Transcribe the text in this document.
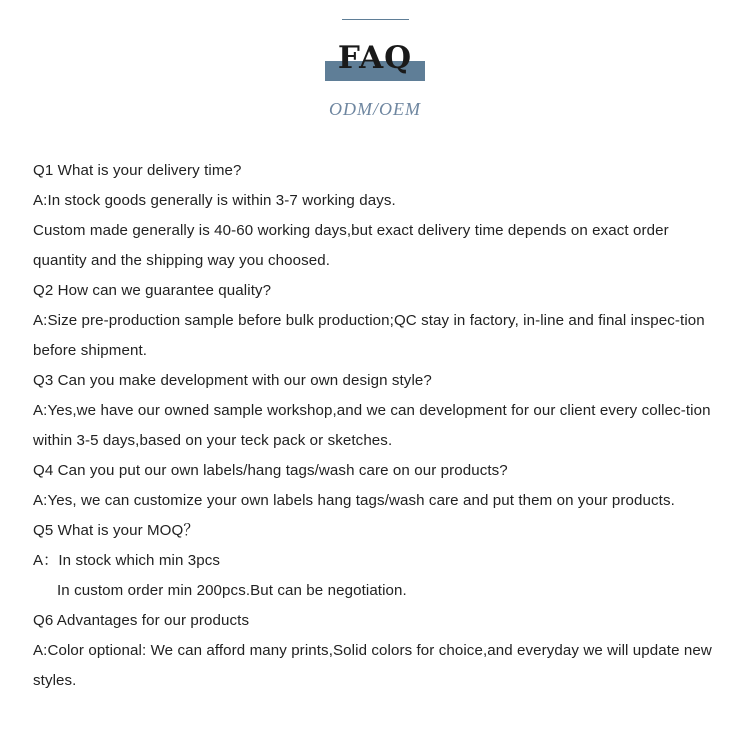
FAQ
ODM/OEM

Q1 What is your delivery time?

A:In stock goods generally is within 3-7 working days.

Custom made generally is 40-60 working days,but exact delivery time depends on exact order quantity and the shipping way you choosed.

Q2 How can we guarantee quality?

A:Size pre-production sample before bulk production;QC stay in factory, in-line and final inspec-tion before shipment.

Q3 Can you make development with our own design style?

A:Yes,we have our owned sample workshop,and we can development for our client every collec-tion within 3-5 days,based on your teck pack or sketches.

Q4 Can you put our own labels/hang tags/wash care on our products?

A:Yes, we can customize your own labels hang tags/wash care and put them on your products.

Q5 What is your MOQ？

A：In stock which min 3pcs

In custom order min 200pcs.But can be negotiation.

Q6 Advantages for our products

A:Color optional: We can afford many prints,Solid colors for choice,and everyday we will update new styles.
